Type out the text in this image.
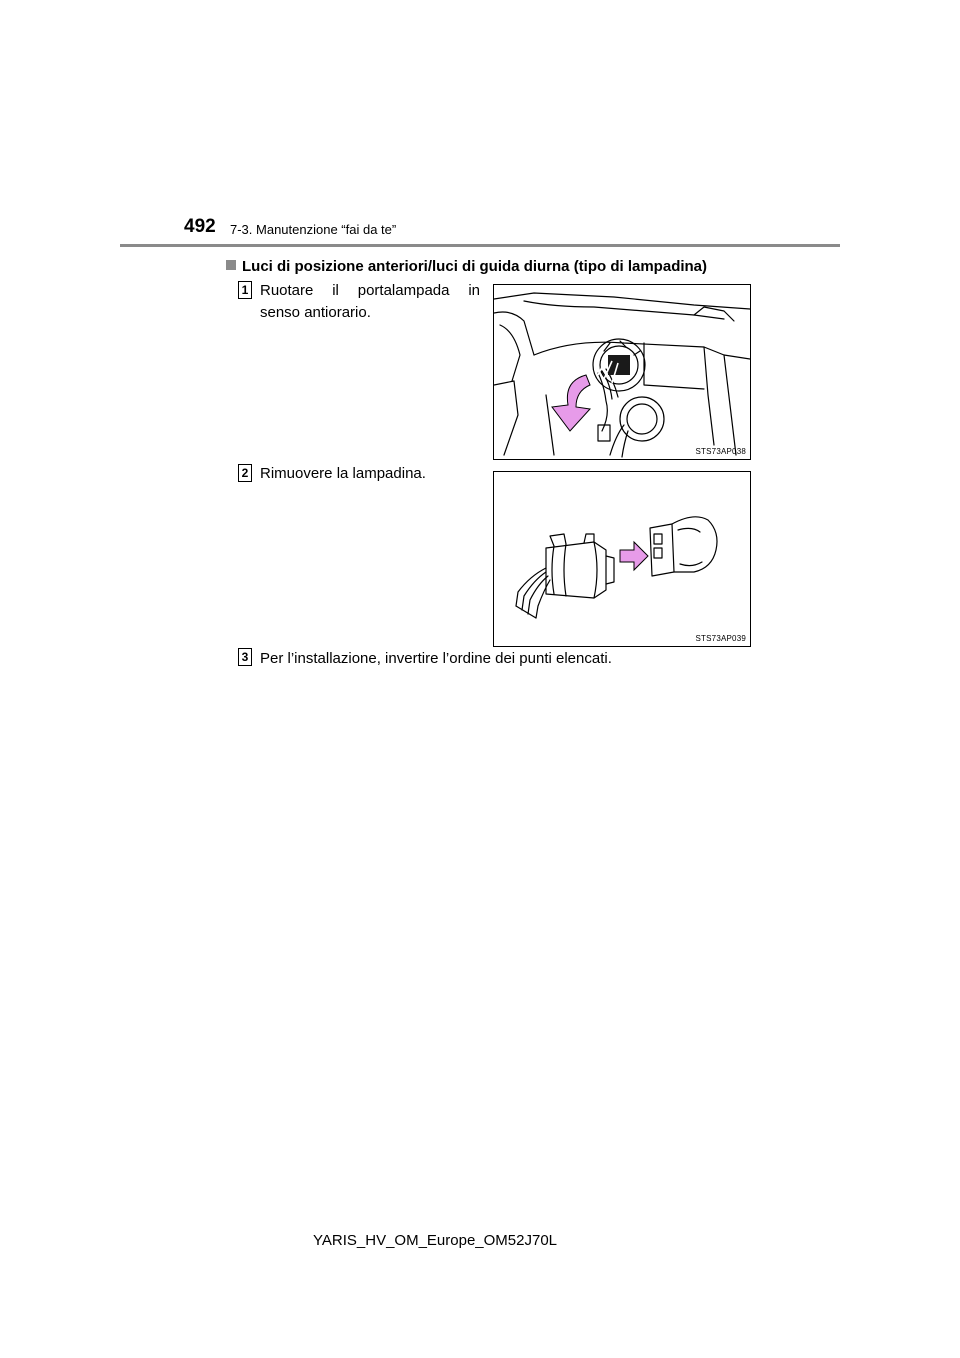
492 7-3. Manutenzione “fai da te”
Luci di posizione anteriori/luci di guida diurna (tipo di lampadina)
1 Ruotare il portalampada in
senso antiorario.
STS73AP038
2 Rimuovere la lampadina.
STS73AP039
3 Per l’installazione, invertire l’ordine dei punti elencati.
YARIS_HV_OM_Europe_OM52J70L
